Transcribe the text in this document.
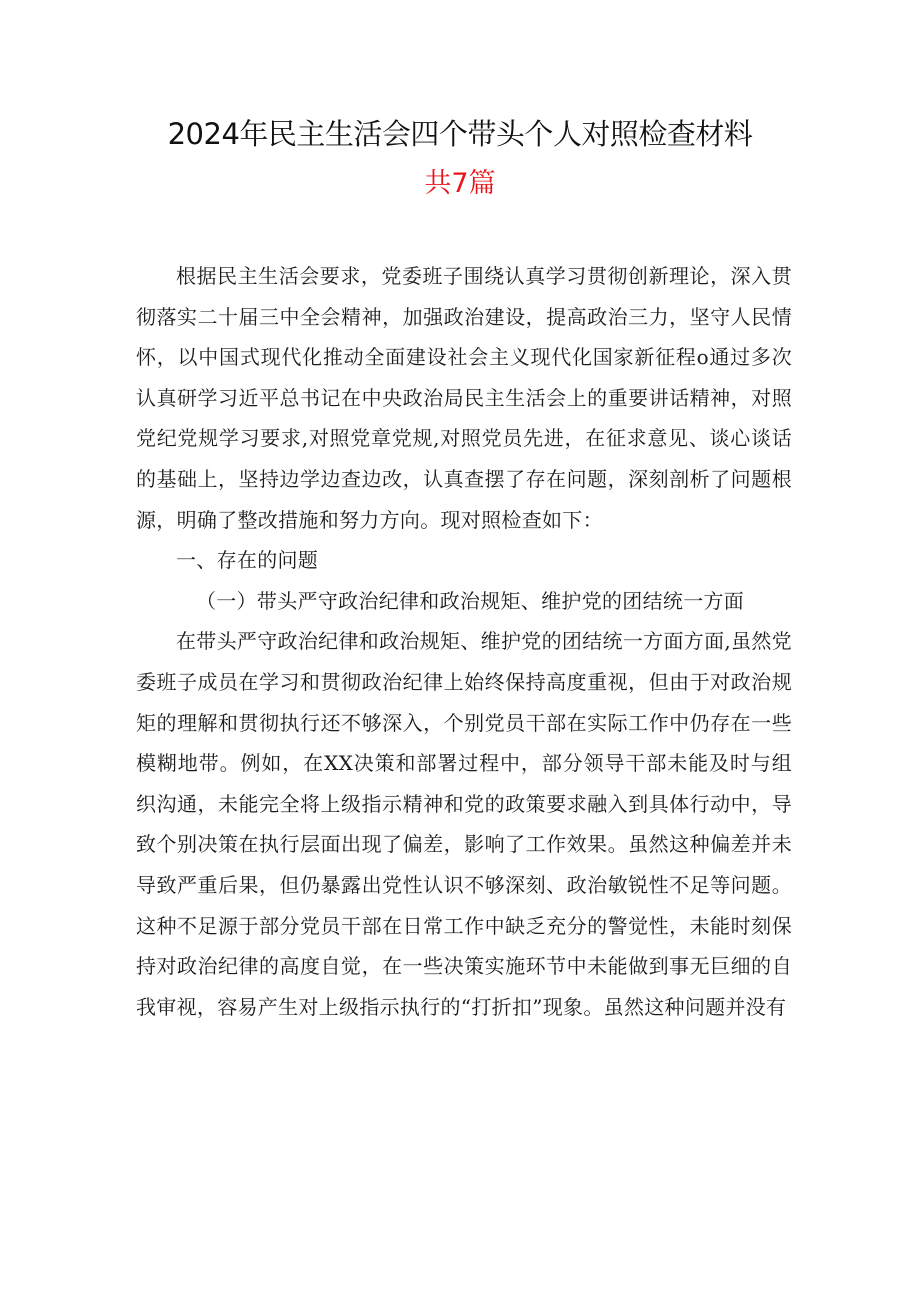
2024年民主生活会四个带头个人对照检查材料
共7篇

根据民主生活会要求，党委班子围绕认真学习贯彻创新理论，深入贯彻落实二十届三中全会精神，加强政治建设，提高政治三力，坚守人民情怀，以中国式现代化推动全面建设社会主义现代化国家新征程o通过多次认真研学习近平总书记在中央政治局民主生活会上的重要讲话精神，对照党纪党规学习要求,对照党章党规,对照党员先进，在征求意见、谈心谈话的基础上，坚持边学边查边改，认真查摆了存在问题，深刻剖析了问题根源，明确了整改措施和努力方向。现对照检查如下：

一、存在的问题

（一）带头严守政治纪律和政治规矩、维护党的团结统一方面

在带头严守政治纪律和政治规矩、维护党的团结统一方面方面,虽然党委班子成员在学习和贯彻政治纪律上始终保持高度重视，但由于对政治规矩的理解和贯彻执行还不够深入，个别党员干部在实际工作中仍存在一些模糊地带。例如，在XX决策和部署过程中，部分领导干部未能及时与组织沟通，未能完全将上级指示精神和党的政策要求融入到具体行动中，导致个别决策在执行层面出现了偏差，影响了工作效果。虽然这种偏差并未导致严重后果，但仍暴露出党性认识不够深刻、政治敏锐性不足等问题。这种不足源于部分党员干部在日常工作中缺乏充分的警觉性，未能时刻保持对政治纪律的高度自觉，在一些决策实施环节中未能做到事无巨细的自我审视，容易产生对上级指示执行的“打折扣”现象。虽然这种问题并没有
